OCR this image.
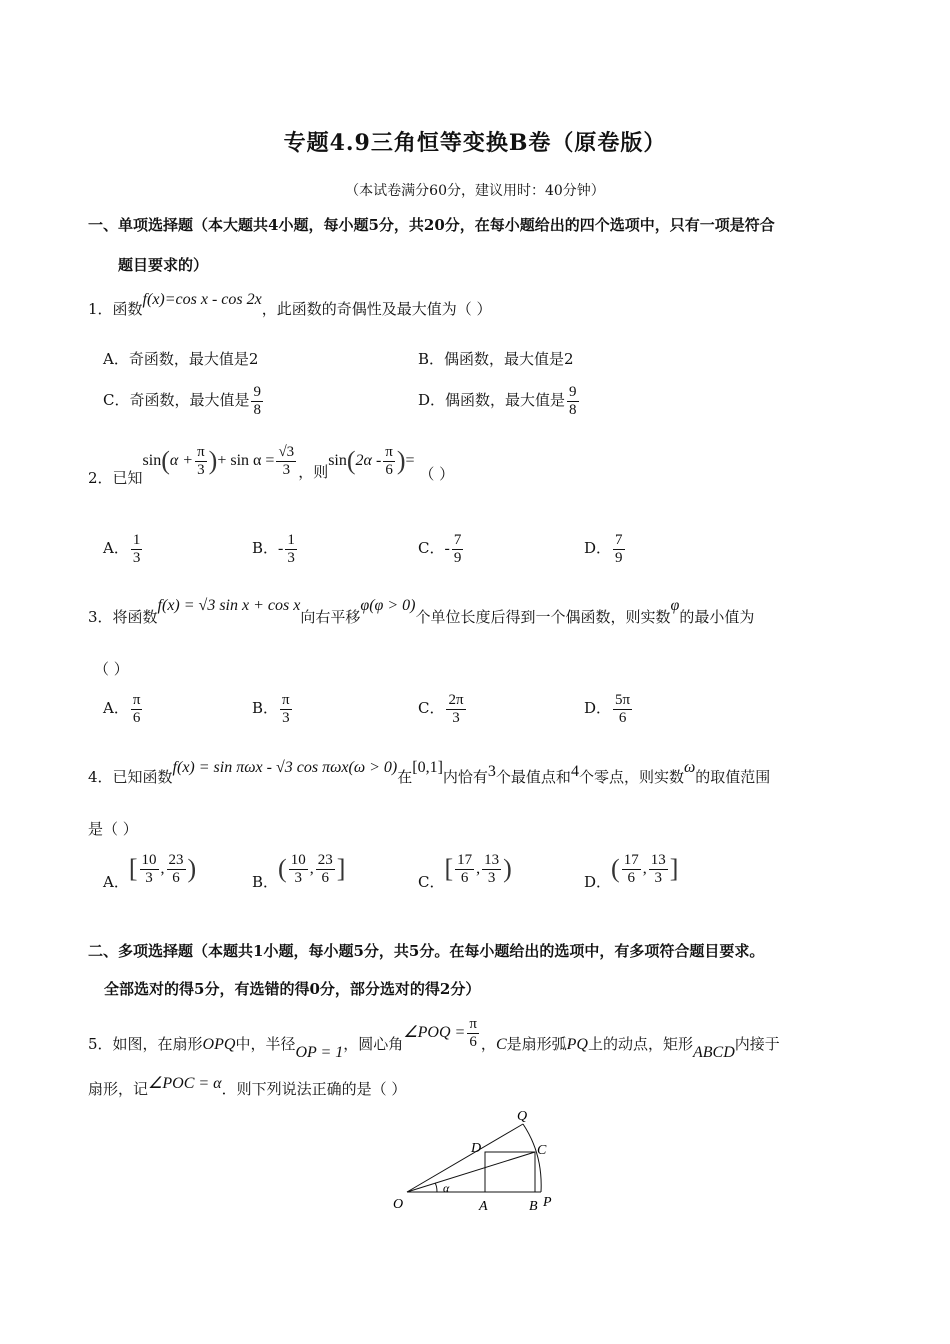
专题4.9三角恒等变换B卷（原卷版）
（本试卷满分60分，建议用时：40分钟）
一、单项选择题（本大题共4小题，每小题5分，共20分，在每小题给出的四个选项中，只有一项是符合
题目要求的）
1．函数f(x)=cos x - cos 2x，此函数的奇偶性及最大值为（ ）
A．奇函数，最大值是2	B．偶函数，最大值是2
C．奇函数，最大值是 $\frac{9}{8}$	D．偶函数，最大值是 $\frac{9}{8}$
2．已知$\sin(\alpha + \frac{\pi}{3}$ )+ $\sin \alpha = \frac{√3}{3}$ ，则$\sin(2\alpha - \frac{\pi}{6}$ )= （ ）
A． $\frac{1}{3}$	B．- $\frac{1}{3}$	C．- $\frac{7}{9}$	D． $\frac{7}{9}$
3．将函数f(x) = √3 sin x + cos x向右平移φ(φ > 0)个单位长度后得到一个偶函数，则实数φ的最小值为
（ ）
A． $\frac{\pi}{6}$	B． $\frac{\pi}{3}$	C． $\frac{2\pi}{3}$	D． $\frac{5\pi}{6}$
4．已知函数f(x) = sin πωx - √3 cos πωx(ω > 0)在[0,1]内恰有3个最值点和4个零点，则实数ω的取值范围
是（ ）
A．[ $\frac{10}{3}$ , $\frac{23}{6}$ )	B．( $\frac{10}{3}$ , $\frac{23}{6}$ ]	C．[ $\frac{17}{6}$ , $\frac{13}{3}$ )	D．( $\frac{17}{6}$ , $\frac{13}{3}$ ]
二、多项选择题（本题共1小题，每小题5分，共5分。在每小题给出的选项中，有多项符合题目要求。
全部选对的得5分，有选错的得0分，部分选对的得2分）
5．如图，在扇形OPQ中，半径OP = 1，圆心角∠POQ = $\frac{\pi}{6}$ ，C是扇形弧PQ上的动点，矩形ABCD内接于
扇形，记∠POC = α．则下列说法正确的是（ ）
O	A	B P
Q
C
D
α
